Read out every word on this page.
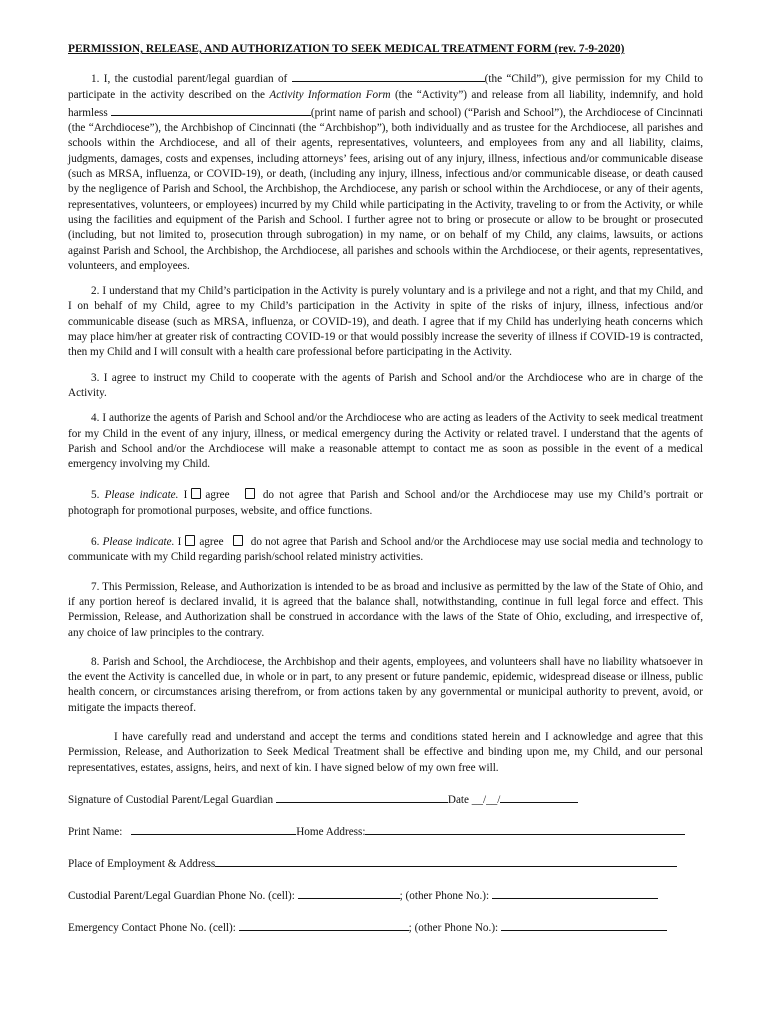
PERMISSION, RELEASE, AND AUTHORIZATION TO SEEK MEDICAL TREATMENT FORM (rev. 7-9-2020)

1. I, the custodial parent/legal guardian of	(the “Child”), give permission for my Child to participate in the activity described on the Activity Information Form (the “Activity”) and release from all liability, indemnify, and hold harmless	(print name of parish and school) (“Parish and School”), the Archdiocese of Cincinnati (the “Archdiocese”), the Archbishop of Cincinnati (the “Archbishop”), both individually and as trustee for the Archdiocese, all parishes and schools within the Archdiocese, and all of their agents, representatives, volunteers, and employees from any and all liability, claims, judgments, damages, costs and expenses, including attorneys’ fees, arising out of any injury, illness, infectious and/or communicable disease (such as MRSA, influenza, or COVID-19), or death, (including any injury, illness, infectious and/or communicable disease, or death caused by the negligence of Parish and School, the Archbishop, the Archdiocese, any parish or school within the Archdiocese, or any of their agents, representatives, volunteers, or employees) incurred by my Child while participating in the Activity, traveling to or from the Activity, or while using the facilities and equipment of the Parish and School. I further agree not to bring or prosecute or allow to be brought or prosecuted (including, but not limited to, prosecution through subrogation) in my name, or on behalf of my Child, any claims, lawsuits, or actions against Parish and School, the Archbishop, the Archdiocese, all parishes and schools within the Archdiocese, or their agents, representatives, volunteers, and employees.

2. I understand that my Child’s participation in the Activity is purely voluntary and is a privilege and not a right, and that my Child, and I on behalf of my Child, agree to my Child’s participation in the Activity in spite of the risks of injury, illness, infectious and/or communicable disease (such as MRSA, influenza, or COVID-19), and death. I agree that if my Child has underlying heath concerns which may place him/her at greater risk of contracting COVID-19 or that would possibly increase the severity of illness if COVID-19 is contracted, then my Child and I will consult with a health care professional before participating in the Activity.

3. I agree to instruct my Child to cooperate with the agents of Parish and School and/or the Archdiocese who are in charge of the Activity.

4. I authorize the agents of Parish and School and/or the Archdiocese who are acting as leaders of the Activity to seek medical treatment for my Child in the event of any injury, illness, or medical emergency during the Activity or related travel. I understand that the agents of Parish and School and/or the Archdiocese will make a reasonable attempt to contact me as soon as possible in the event of a medical emergency involving my Child.

5. Please indicate. I agree	do not agree that Parish and School and/or the Archdiocese may use my Child’s portrait or photograph for promotional purposes, website, and office functions.

6. Please indicate. I agree do not agree that Parish and School and/or the Archdiocese may use social media and technology to communicate with my Child regarding parish/school related ministry activities.

7. This Permission, Release, and Authorization is intended to be as broad and inclusive as permitted by the law of the State of Ohio, and if any portion hereof is declared invalid, it is agreed that the balance shall, notwithstanding, continue in full legal force and effect. This Permission, Release, and Authorization shall be construed in accordance with the laws of the State of Ohio, excluding, and irrespective of, any choice of law principles to the contrary.

8. Parish and School, the Archdiocese, the Archbishop and their agents, employees, and volunteers shall have no liability whatsoever in the event the Activity is cancelled due, in whole or in part, to any present or future pandemic, epidemic, widespread disease or illness, public health concern, or circumstances arising therefrom, or from actions taken by any governmental or municipal authority to prevent, avoid, or mitigate the impacts thereof.

I have carefully read and understand and accept the terms and conditions stated herein and I acknowledge and agree that this Permission, Release, and Authorization to Seek Medical Treatment shall be effective and binding upon me, my Child, and our personal representatives, estates, assigns, heirs, and next of kin. I have signed below of my own free will.

Signature of Custodial Parent/Legal Guardian	Date __/__/
Print Name:	Home Address:
Place of Employment & Address
Custodial Parent/Legal Guardian Phone No. (cell):	; (other Phone No.):
Emergency Contact Phone No. (cell):	; (other Phone No.):
